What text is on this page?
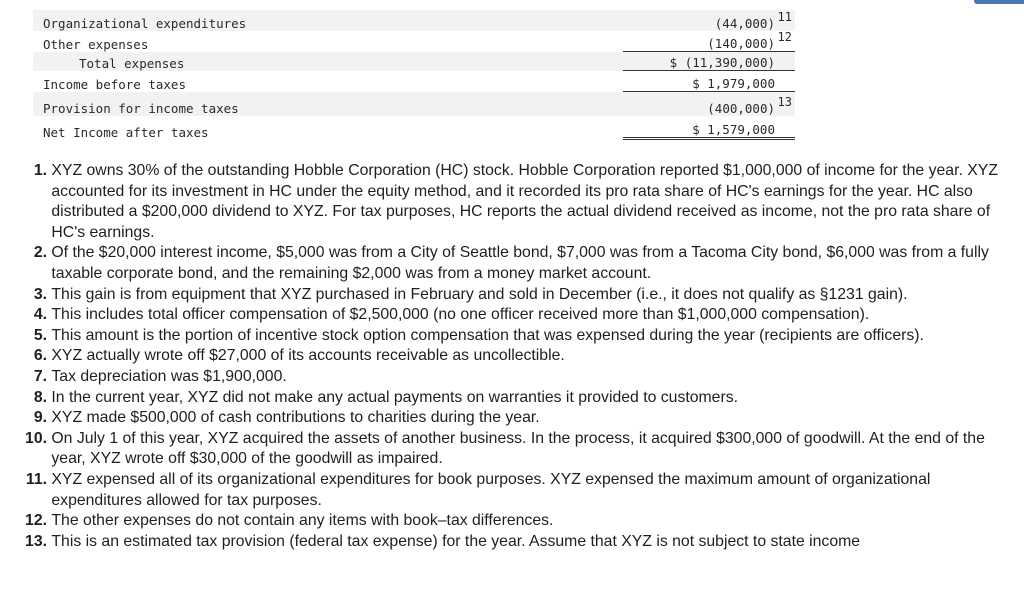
Organizational expenditures	(44,000) 11
Other expenses	(140,000) 12
Total expenses	$ (11,390,000)
Income before taxes	$ 1,979,000
Provision for income taxes	(400,000) 13
Net Income after taxes	$ 1,579,000
1.
XYZ owns 30% of the outstanding Hobble Corporation (HC) stock. Hobble Corporation reported $1,000,000 of income for the year. XYZ accounted for its investment in HC under the equity method, and it recorded its pro rata share of HC's earnings for the year. HC also distributed a $200,000 dividend to XYZ. For tax purposes, HC reports the actual dividend received as income, not the pro rata share of HC's earnings.
2.
Of the $20,000 interest income, $5,000 was from a City of Seattle bond, $7,000 was from a Tacoma City bond, $6,000 was from a fully taxable corporate bond, and the remaining $2,000 was from a money market account.
3.
This gain is from equipment that XYZ purchased in February and sold in December (i.e., it does not qualify as §1231 gain).
4.
This includes total officer compensation of $2,500,000 (no one officer received more than $1,000,000 compensation).
5.
This amount is the portion of incentive stock option compensation that was expensed during the year (recipients are officers).
6.
XYZ actually wrote off $27,000 of its accounts receivable as uncollectible.
7.
Tax depreciation was $1,900,000.
8.
In the current year, XYZ did not make any actual payments on warranties it provided to customers.
9.
XYZ made $500,000 of cash contributions to charities during the year.
10.
On July 1 of this year, XYZ acquired the assets of another business. In the process, it acquired $300,000 of goodwill. At the end of the year, XYZ wrote off $30,000 of the goodwill as impaired.
11.
XYZ expensed all of its organizational expenditures for book purposes. XYZ expensed the maximum amount of organizational expenditures allowed for tax purposes.
12.
The other expenses do not contain any items with book–tax differences.
13.
This is an estimated tax provision (federal tax expense) for the year. Assume that XYZ is not subject to state income
